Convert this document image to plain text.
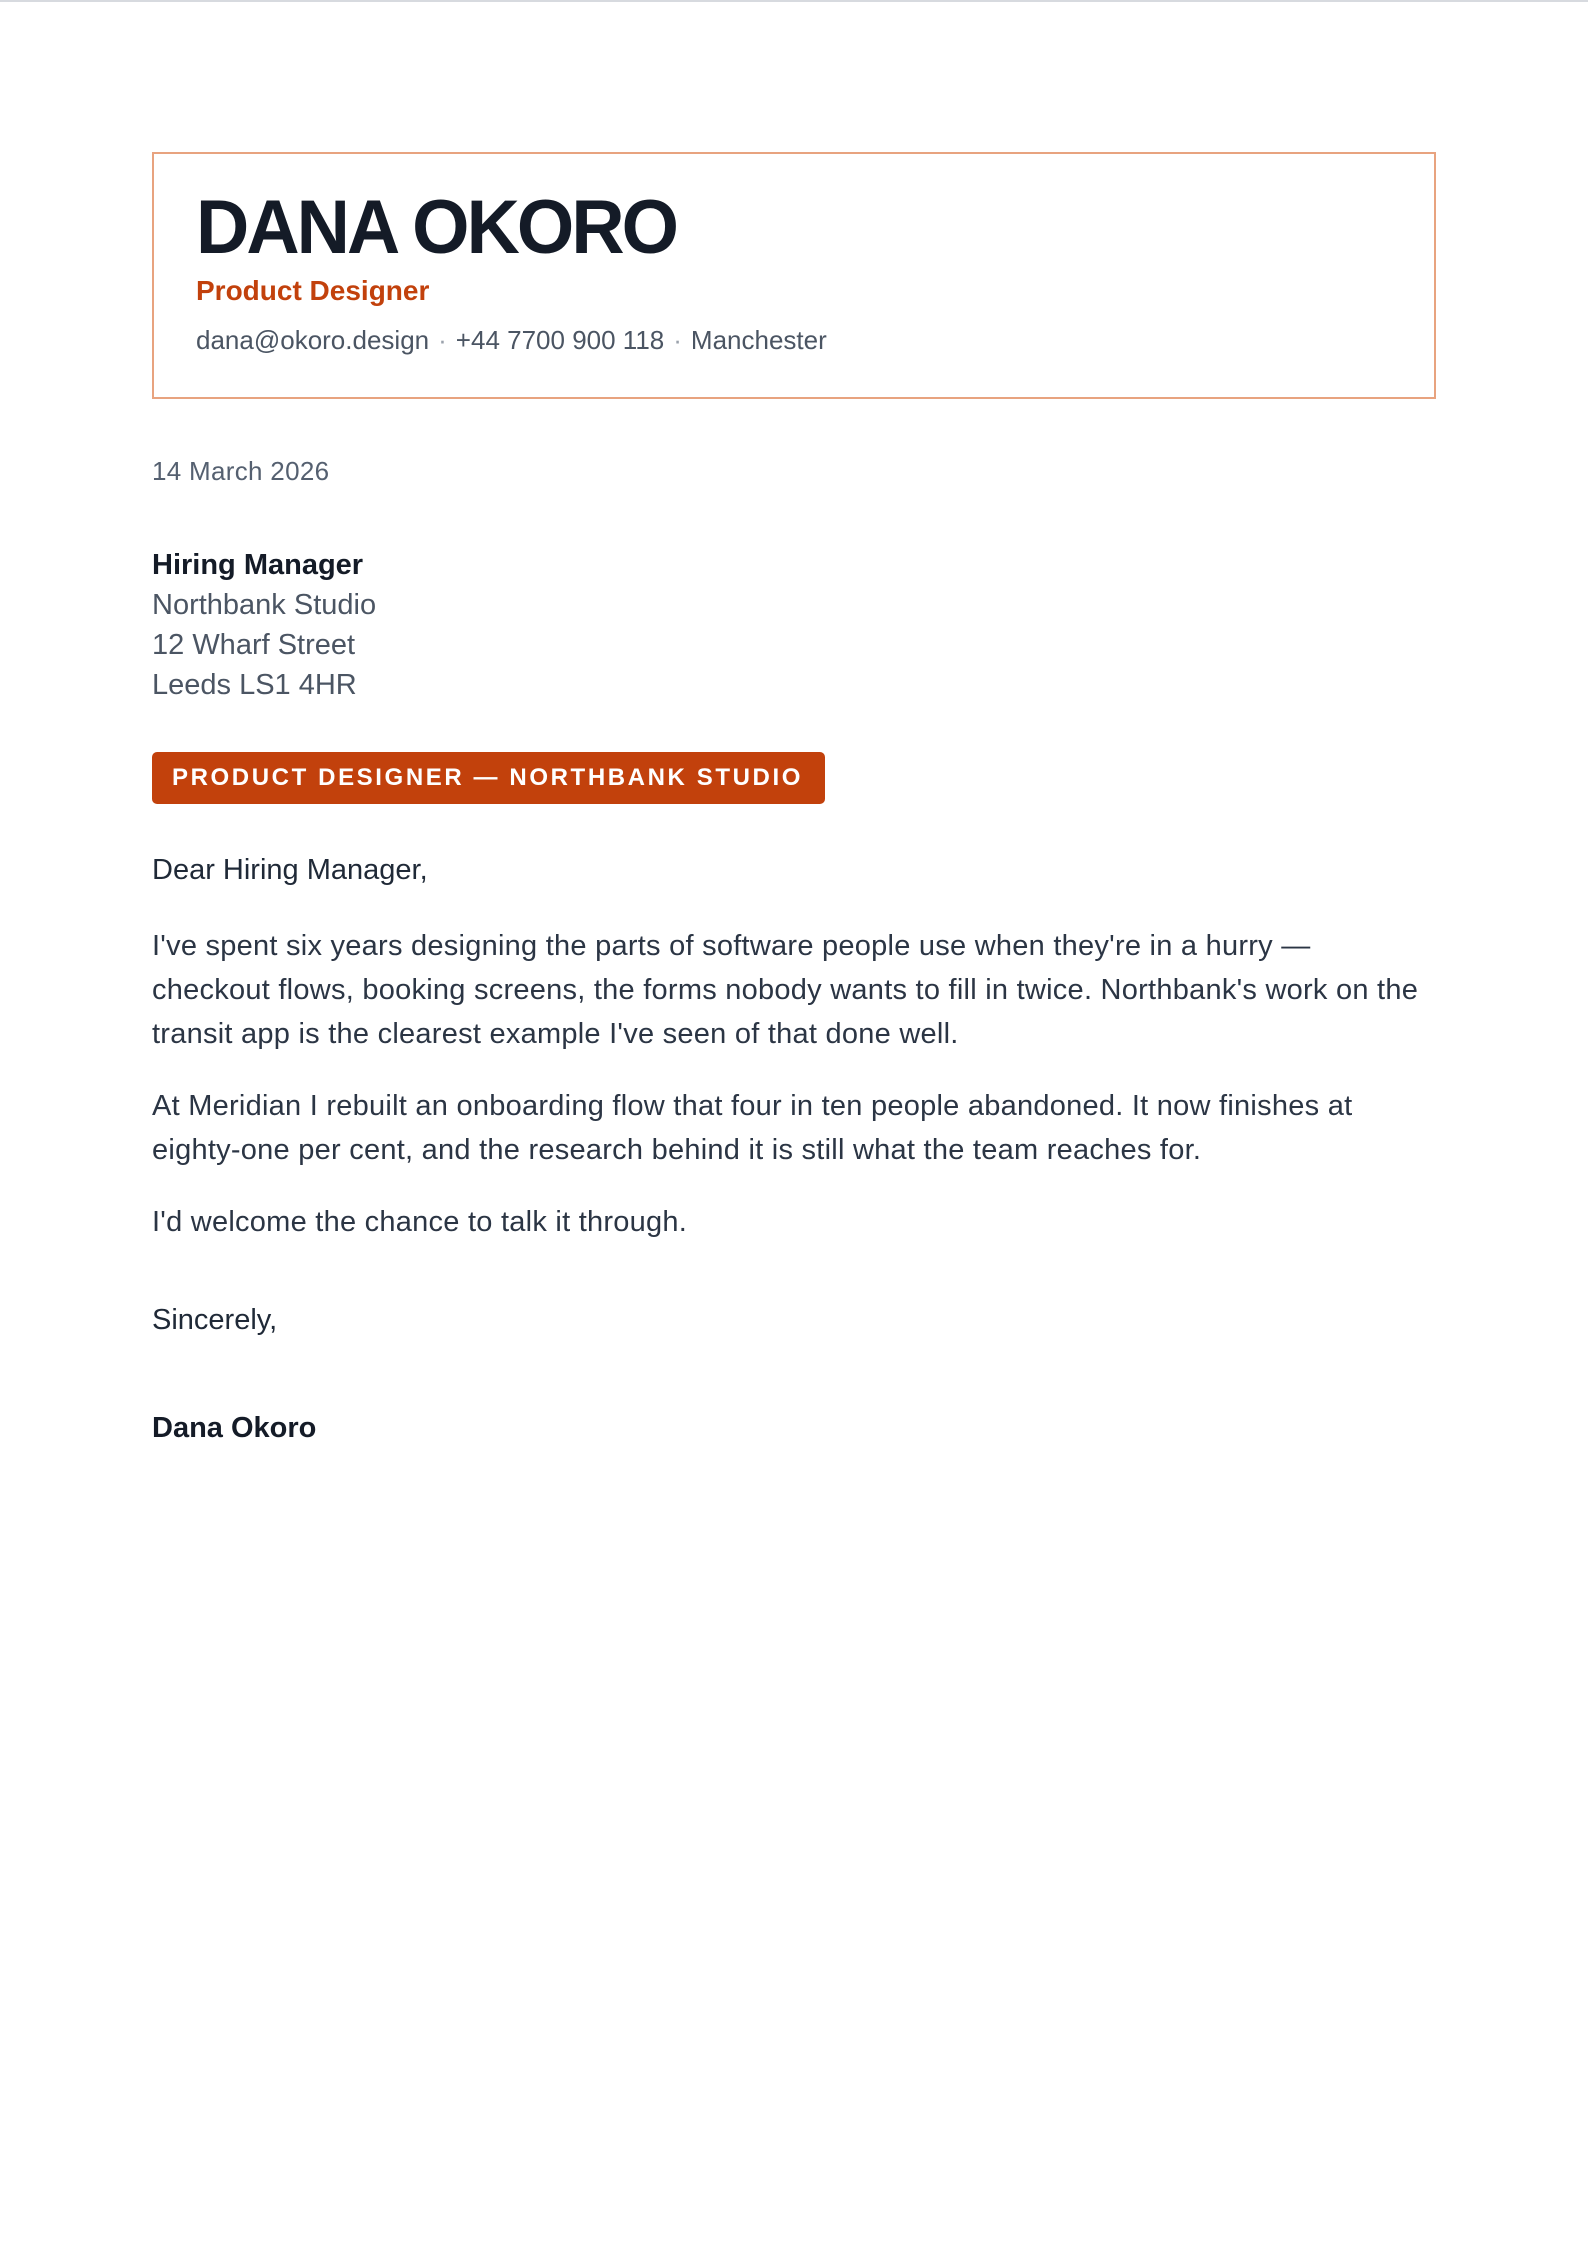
DANA OKORO
Product Designer
dana@okoro.design · +44 7700 900 118 · Manchester
14 March 2026
Hiring Manager
Northbank Studio
12 Wharf Street
Leeds LS1 4HR
PRODUCT DESIGNER — NORTHBANK STUDIO
Dear Hiring Manager,

I've spent six years designing the parts of software people use when they're in a hurry — checkout flows, booking screens, the forms nobody wants to fill in twice. Northbank's work on the transit app is the clearest example I've seen of that done well.

At Meridian I rebuilt an onboarding flow that four in ten people abandoned. It now finishes at eighty-one per cent, and the research behind it is still what the team reaches for.

I'd welcome the chance to talk it through.

Sincerely,
Dana Okoro
